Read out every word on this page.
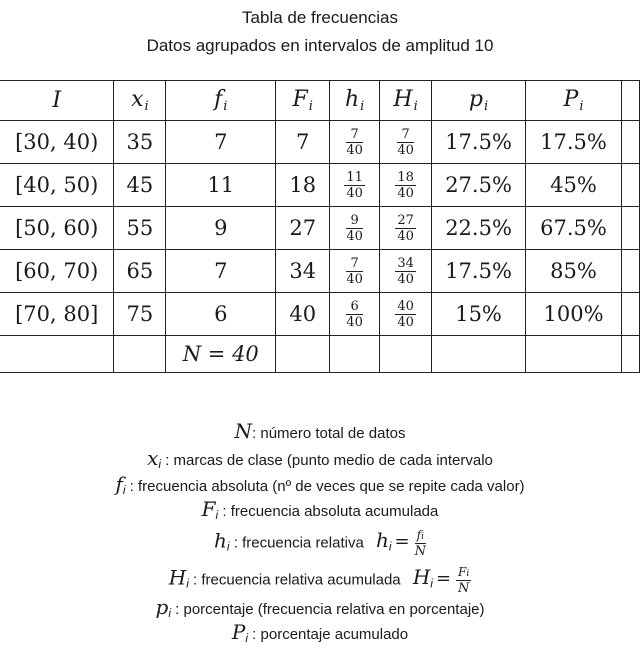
Tabla de frecuencias
Datos agrupados en intervalos de amplitud 10
I	$x_i$	$f_i$	$F_i$	$h_i$	$H_i$	$p_i$	$P_i$	
[30, 40)	35	7	7	$\frac{7}{40}$	$\frac{7}{40}$	17.5%	17.5%	
[40, 50)	45	11	18	$\frac{11}{40}$	$\frac{18}{40}$	27.5%	45%	
[50, 60)	55	9	27	$\frac{9}{40}$	$\frac{27}{40}$	22.5%	67.5%	
[60, 70)	65	7	34	$\frac{7}{40}$	$\frac{34}{40}$	17.5%	85%	
[70, 80]	75	6	40	$\frac{6}{40}$	$\frac{40}{40}$	15%	100%	
		N = 40						
N: número total de datos
$x_i$ : marcas de clase (punto medio de cada intervalo
$f_i$ : frecuencia absoluta (nº de veces que se repite cada valor)
$F_i$ : frecuencia absoluta acumulada
$h_i$ : frecuencia relativa $h_i = \frac{fi}{N}$
$H_i$ : frecuencia relativa acumulada $H_i = \frac{Fi}{N}$
$p_i$ : porcentaje (frecuencia relativa en porcentaje)
$P_i$ : porcentaje acumulado
